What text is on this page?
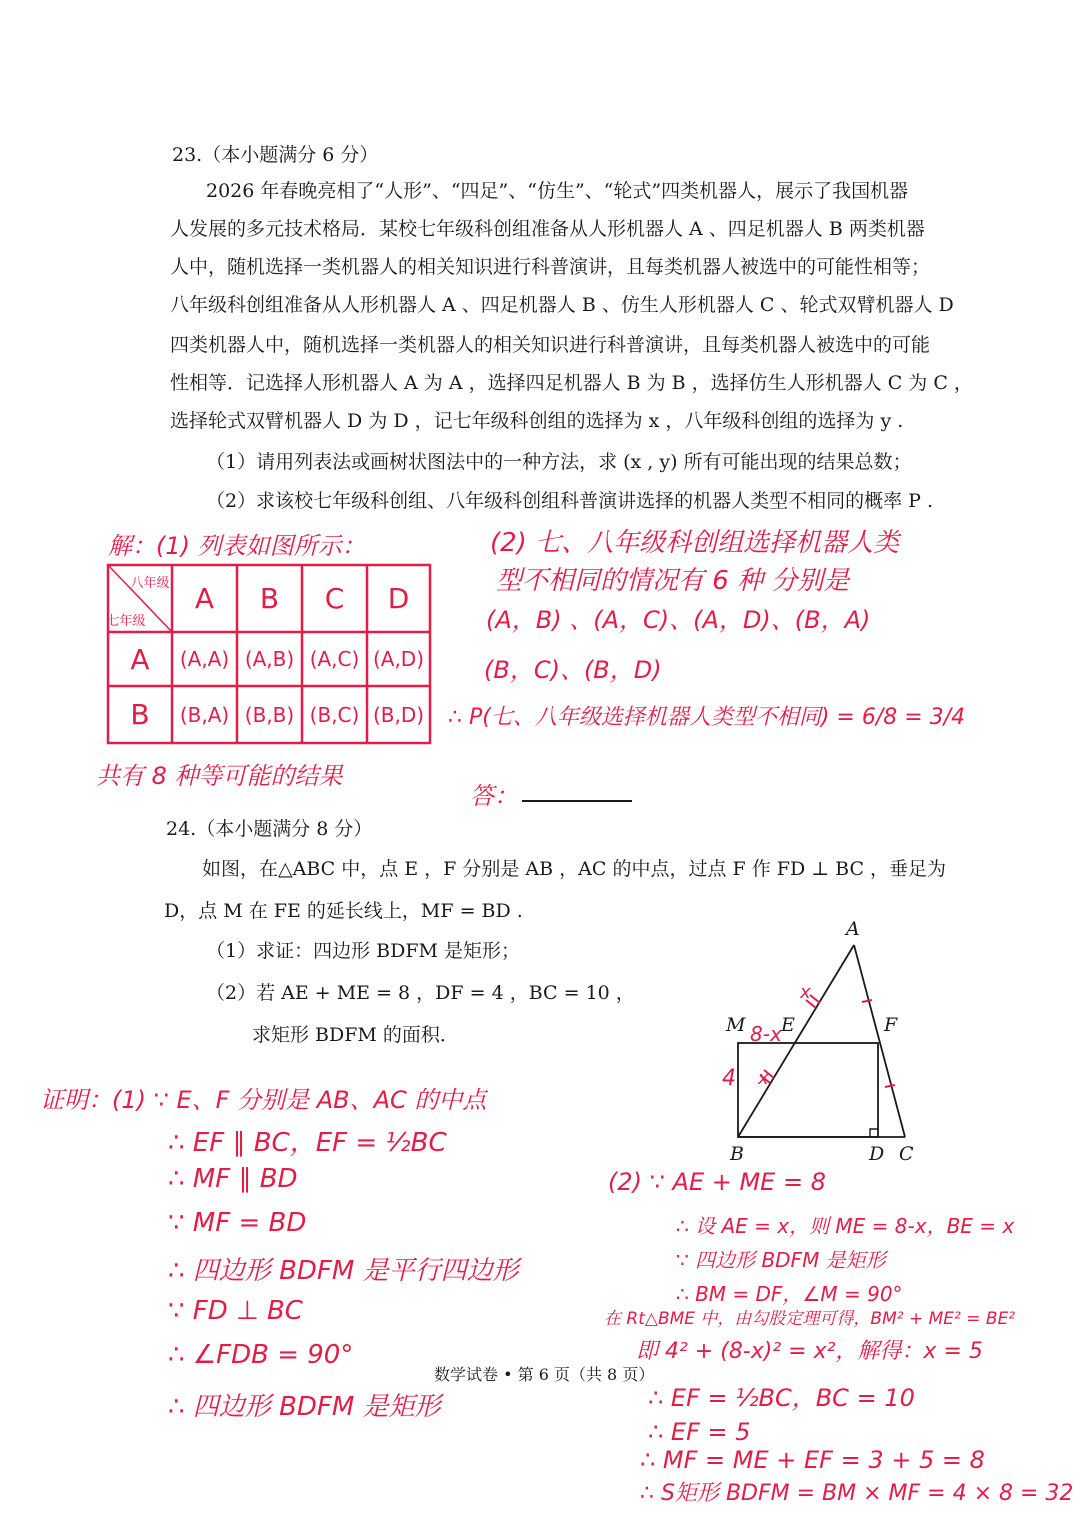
23.（本小题满分 6 分）
2026 年春晚亮相了“人形”、“四足”、“仿生”、“轮式”四类机器人，展示了我国机器
人发展的多元技术格局．某校七年级科创组准备从人形机器人 A 、四足机器人 B 两类机器
人中，随机选择一类机器人的相关知识进行科普演讲，且每类机器人被选中的可能性相等；
八年级科创组准备从人形机器人 A 、四足机器人 B 、仿生人形机器人 C 、轮式双臂机器人 D
四类机器人中，随机选择一类机器人的相关知识进行科普演讲，且每类机器人被选中的可能
性相等．记选择人形机器人 A 为 A ，选择四足机器人 B 为 B ，选择仿生人形机器人 C 为 C ，
选择轮式双臂机器人 D 为 D ，记七年级科创组的选择为 x ，八年级科创组的选择为 y .
（1）请用列表法或画树状图法中的一种方法，求 (x , y) 所有可能出现的结果总数；
（2）求该校七年级科创组、八年级科创组科普演讲选择的机器人类型不相同的概率 P .
解：(1) 列表如图所示：
八年级
七年级
A	B	C	D
A	(A,A) (A,B) (A,C) (A,D)
B	(B,A) (B,B) (B,C) (B,D)
共有 8 种等可能的结果
(2) 七、八年级科创组选择机器人类
型不相同的情况有 6 种 分别是
(A，B) 、(A，C)、(A，D)、(B，A)
(B，C)、(B，D)
∴ P(七、八年级选择机器人类型不相同) = 6/8 = 3/4
答：
24.（本小题满分 8 分）
如图，在△ABC 中，点 E ，F 分别是 AB ，AC 的中点，过点 F 作 FD ⊥ BC ，垂足为
D，点 M 在 FE 的延长线上，MF = BD .
（1）求证：四边形 BDFM 是矩形；
（2）若 AE + ME = 8 ，DF = 4 ，BC = 10 ，
求矩形 BDFM 的面积．
A
M E	F
B	D C
8-x
4
x
x
证明：(1) ∵ E、F 分别是 AB、AC 的中点
∴ EF ∥ BC，EF = ½BC
∴ MF ∥ BD
∵ MF = BD
∴ 四边形 BDFM 是平行四边形
∵ FD ⊥ BC
∴ ∠FDB = 90°
∴ 四边形 BDFM 是矩形
(2) ∵ AE + ME = 8
∴ 设 AE = x，则 ME = 8-x，BE = x
∵ 四边形 BDFM 是矩形
∴ BM = DF，∠M = 90°
在 Rt△BME 中，由勾股定理可得，BM² + ME² = BE²
即 4² + (8-x)² = x²，解得：x = 5
∴ EF = ½BC，BC = 10
∴ EF = 5
∴ MF = ME + EF = 3 + 5 = 8
∴ S矩形 BDFM = BM × MF = 4 × 8 = 32
数学试卷 • 第 6 页（共 8 页）
